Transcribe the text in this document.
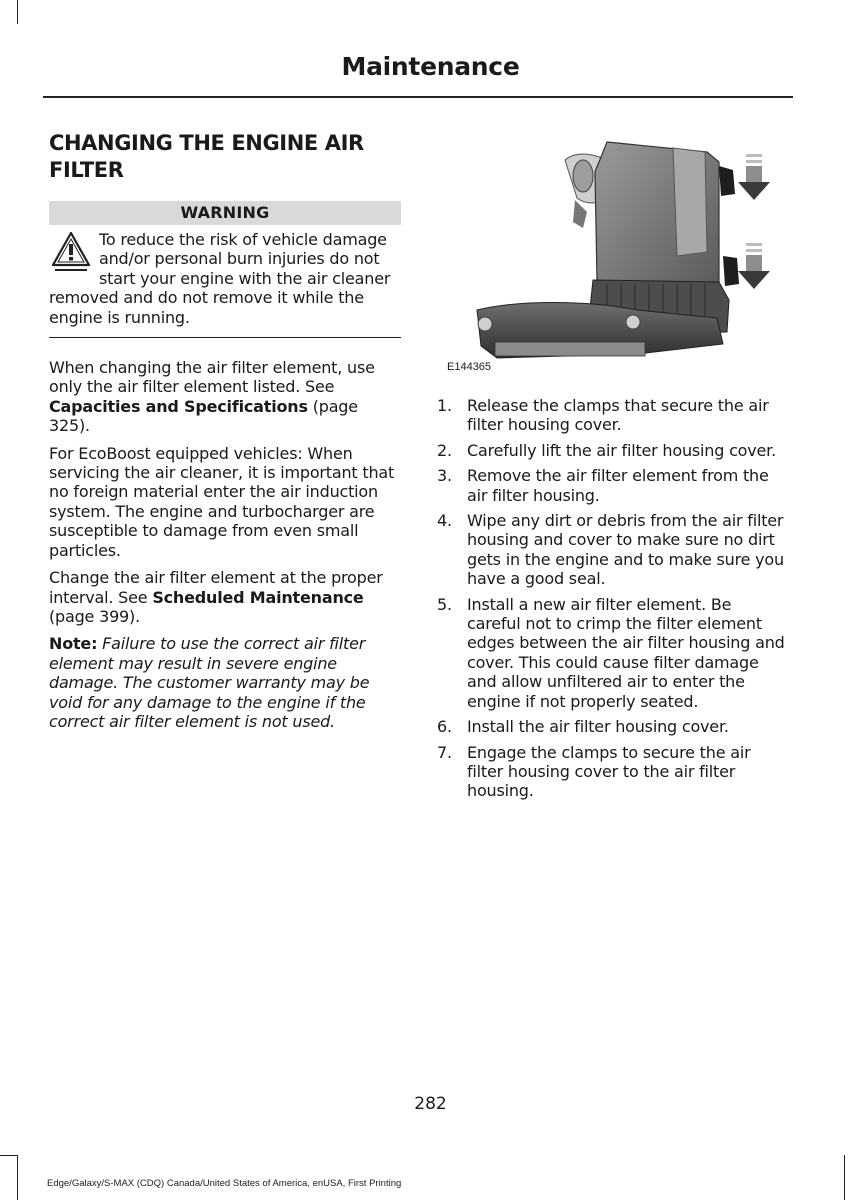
Maintenance
CHANGING THE ENGINE AIR FILTER
WARNING
To reduce the risk of vehicle damage and/or personal burn injuries do not start your engine with the air cleaner removed and do not remove it while the engine is running.

When changing the air filter element, use only the air filter element listed. See Capacities and Specifications (page 325).

For EcoBoost equipped vehicles: When servicing the air cleaner, it is important that no foreign material enter the air induction system. The engine and turbocharger are susceptible to damage from even small particles.

Change the air filter element at the proper interval. See Scheduled Maintenance (page 399).

Note: Failure to use the correct air filter element may result in severe engine damage. The customer warranty may be void for any damage to the engine if the correct air filter element is not used.

E144365
1. Release the clamps that secure the air filter housing cover.
2. Carefully lift the air filter housing cover.
3. Remove the air filter element from the air filter housing.
4. Wipe any dirt or debris from the air filter housing and cover to make sure no dirt gets in the engine and to make sure you have a good seal.
5. Install a new air filter element. Be careful not to crimp the filter element edges between the air filter housing and cover. This could cause filter damage and allow unfiltered air to enter the engine if not properly seated.
6. Install the air filter housing cover.
7. Engage the clamps to secure the air filter housing cover to the air filter housing.
282
Edge/Galaxy/S-MAX (CDQ) Canada/United States of America, enUSA, First Printing
